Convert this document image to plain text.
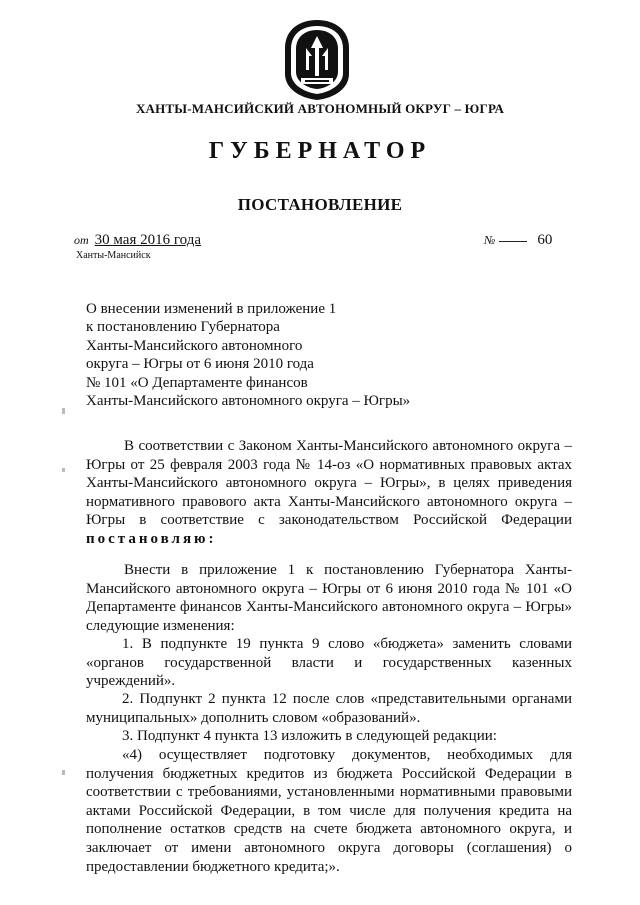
ХАНТЫ-МАНСИЙСКИЙ АВТОНОМНЫЙ ОКРУГ – ЮГРА
ГУБЕРНАТОР
ПОСТАНОВЛЕНИЕ
от 30 мая 2016 года
Ханты-Мансийск
№	60
О внесении изменений в приложение 1
к постановлению Губернатора
Ханты-Мансийского автономного
округа – Югры от 6 июня 2010 года
№ 101 «О Департаменте финансов
Ханты-Мансийского автономного округа – Югры»
В соответствии с Законом Ханты-Мансийского автономного округа – Югры от 25 февраля 2003 года № 14-оз «О нормативных правовых актах Ханты-Мансийского автономного округа – Югры», в целях приведения нормативного правового акта Ханты-Мансийского автономного округа – Югры в соответствие с законодательством Российской Федерации постановляю:
Внести в приложение 1 к постановлению Губернатора Ханты-Мансийского автономного округа – Югры от 6 июня 2010 года № 101 «О Департаменте финансов Ханты-Мансийского автономного округа – Югры» следующие изменения:
1. В подпункте 19 пункта 9 слово «бюджета» заменить словами «органов государственной власти и государственных казенных учреждений».
2. Подпункт 2 пункта 12 после слов «представительными органами муниципальных» дополнить словом «образований».
3. Подпункт 4 пункта 13 изложить в следующей редакции:
«4) осуществляет подготовку документов, необходимых для получения бюджетных кредитов из бюджета Российской Федерации в соответствии с требованиями, установленными нормативными правовыми актами Российской Федерации, в том числе для получения кредита на пополнение остатков средств на счете бюджета автономного округа, и заключает от имени автономного округа договоры (соглашения) о предоставлении бюджетного кредита;».
